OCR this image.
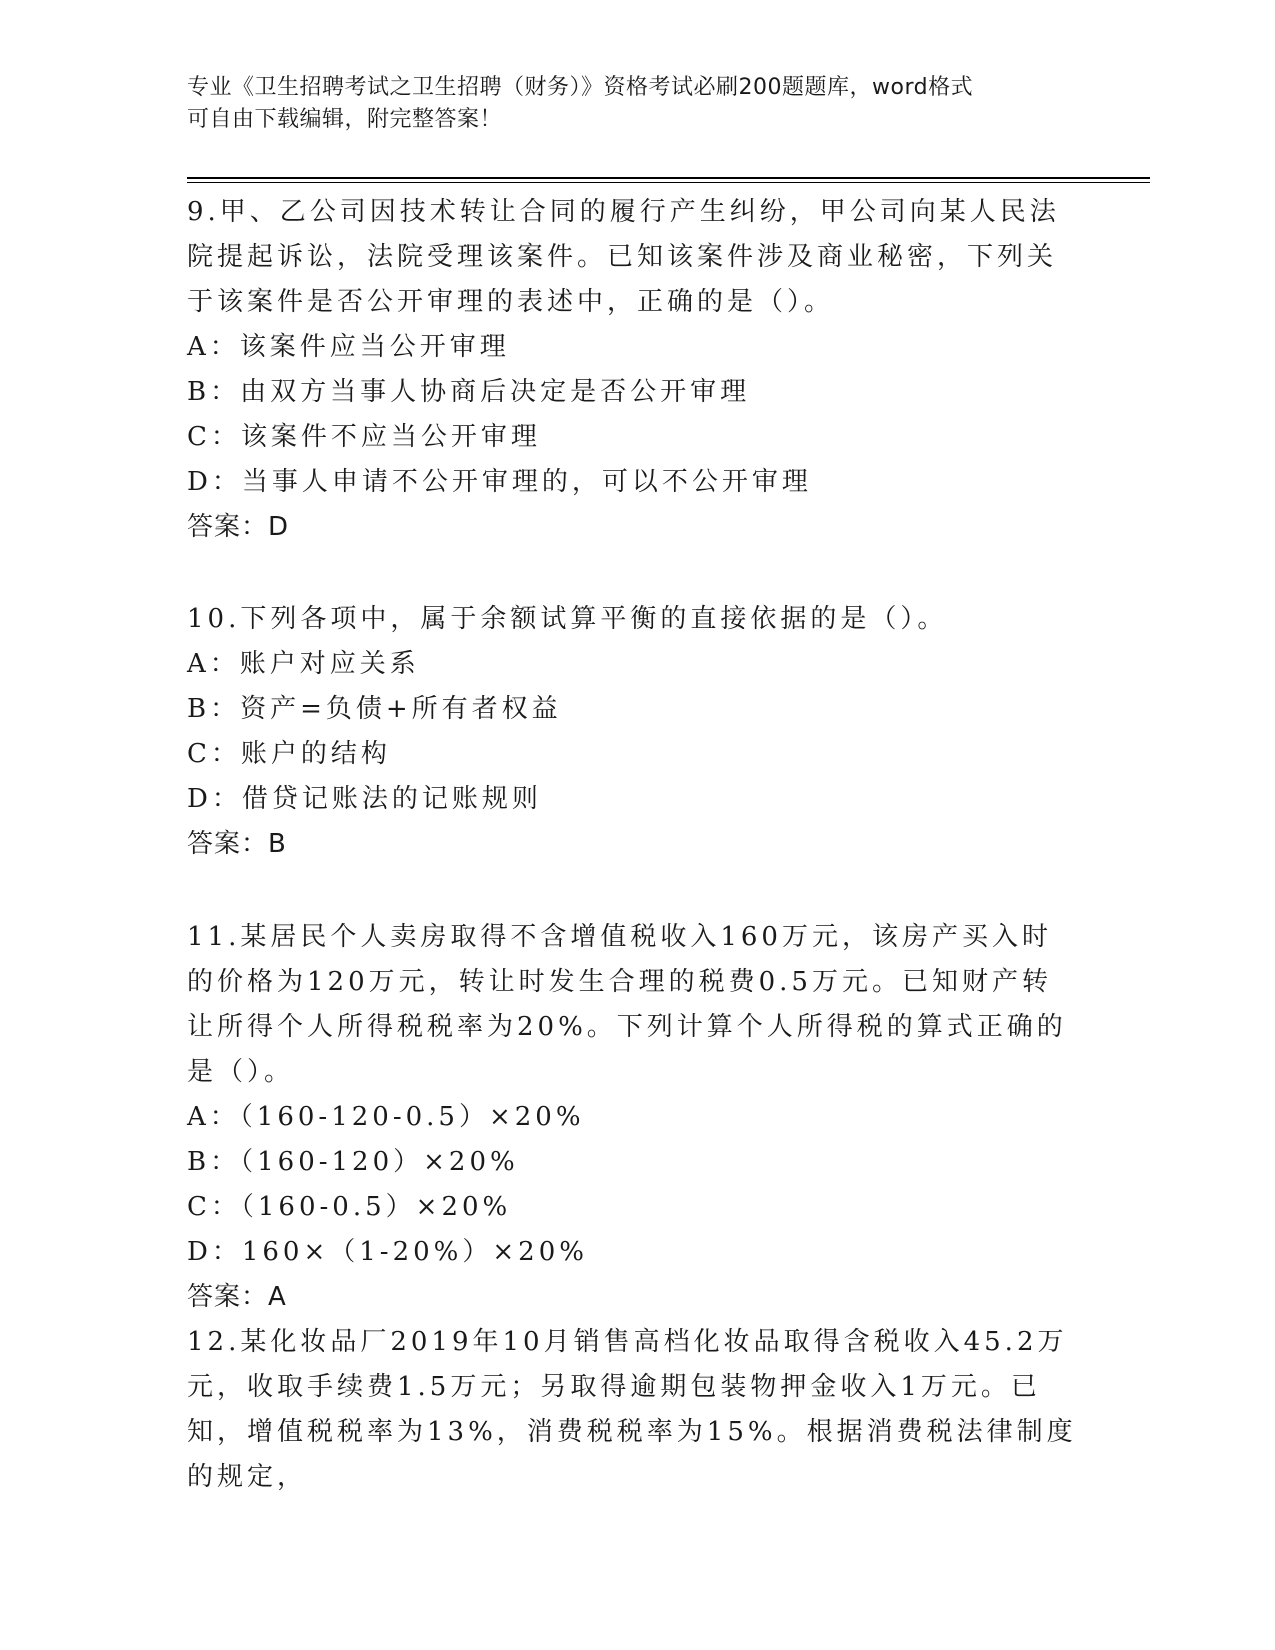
专业《卫生招聘考试之卫生招聘（财务）》资格考试必刷200题题库，word格式
可自由下载编辑，附完整答案！
9.甲、乙公司因技术转让合同的履行产生纠纷，甲公司向某人民法院提起诉讼，法院受理该案件。已知该案件涉及商业秘密，下列关于该案件是否公开审理的表述中，正确的是（）。
A：该案件应当公开审理
B：由双方当事人协商后决定是否公开审理
C：该案件不应当公开审理
D：当事人申请不公开审理的，可以不公开审理
答案：D
10.下列各项中，属于余额试算平衡的直接依据的是（）。
A：账户对应关系
B：资产=负债+所有者权益
C：账户的结构
D：借贷记账法的记账规则
答案：B
11.某居民个人卖房取得不含增值税收入160万元，该房产买入时的价格为120万元，转让时发生合理的税费0.5万元。已知财产转让所得个人所得税税率为20%。下列计算个人所得税的算式正确的是（）。
A：（160-120-0.5）×20%
B：（160-120）×20%
C：（160-0.5）×20%
D：160×（1-20%）×20%
答案：A
12.某化妆品厂2019年10月销售高档化妆品取得含税收入45.2万元，收取手续费1.5万元；另取得逾期包装物押金收入1万元。已知，增值税税率为13%，消费税税率为15%。根据消费税法律制度的规定，
